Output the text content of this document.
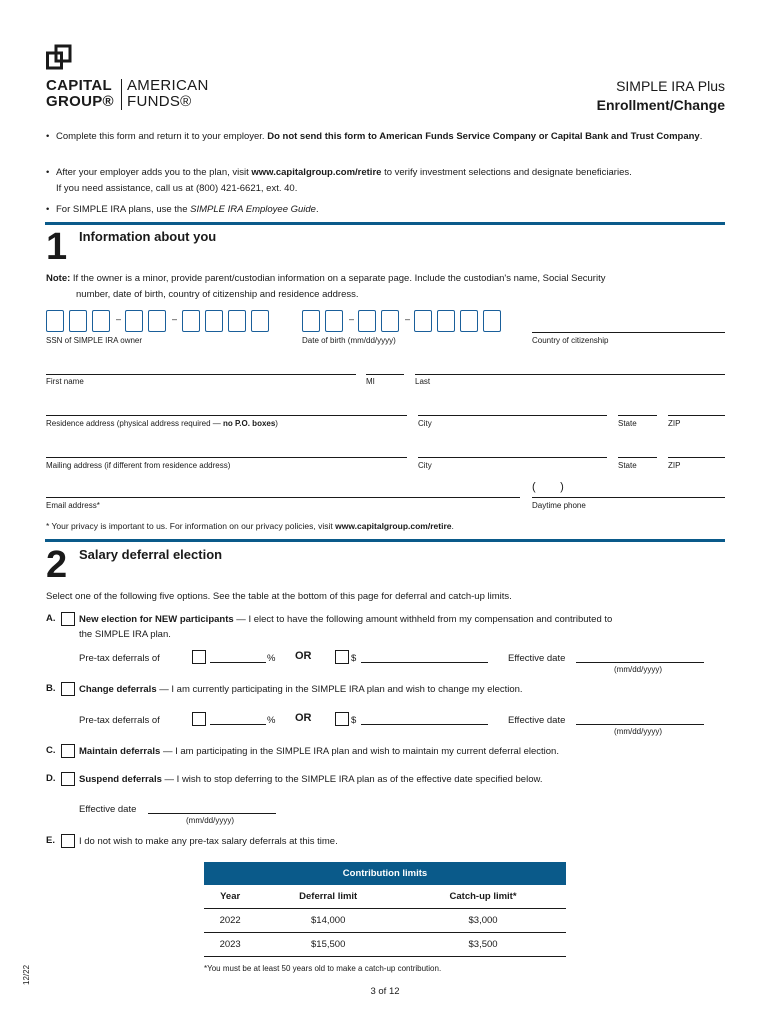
CAPITAL
GROUP®
AMERICAN
FUNDS®
SIMPLE IRA Plus
Enrollment/Change
• Complete this form and return it to your employer. Do not send this form to American Funds Service Company or Capital Bank and Trust Company.
• After your employer adds you to the plan, visit www.capitalgroup.com/retire to verify investment selections and designate beneficiaries.
If you need assistance, call us at (800) 421-6621, ext. 40.
• For SIMPLE IRA plans, use the SIMPLE IRA Employee Guide.
1 Information about you
Note: If the owner is a minor, provide parent/custodian information on a separate page. Include the custodian's name, Social Security
number, date of birth, country of citizenship and residence address.
–	–
SSN of SIMPLE IRA owner
–	–
Date of birth (mm/dd/yyyy)	Country of citizenship
First name	MI	Last
Residence address (physical address required — no P.O. boxes)	City	State	ZIP
Mailing address (if different from residence address)	City	State	ZIP
Email address*
(        )
Daytime phone
* Your privacy is important to us. For information on our privacy policies, visit www.capitalgroup.com/retire.
2 Salary deferral election
Select one of the following five options. See the table at the bottom of this page for deferral and catch-up limits.
A. New election for NEW participants — I elect to have the following amount withheld from my compensation and contributed to
the SIMPLE IRA plan.
Pre-tax deferrals of	% OR	$	Effective date
(mm/dd/yyyy)
B. Change deferrals — I am currently participating in the SIMPLE IRA plan and wish to change my election.
Pre-tax deferrals of	% OR	$	Effective date
(mm/dd/yyyy)
C. Maintain deferrals — I am participating in the SIMPLE IRA plan and wish to maintain my current deferral election.
D. Suspend deferrals — I wish to stop deferring to the SIMPLE IRA plan as of the effective date specified below.
Effective date
(mm/dd/yyyy)
E.	I do not wish to make any pre-tax salary deferrals at this time.
Contribution limits		
Year	Deferral limit	Catch-up limit*
2022	$14,000	$3,000
2023	$15,500	$3,500
*You must be at least 50 years old to make a catch-up contribution.
3 of 12
12/22
